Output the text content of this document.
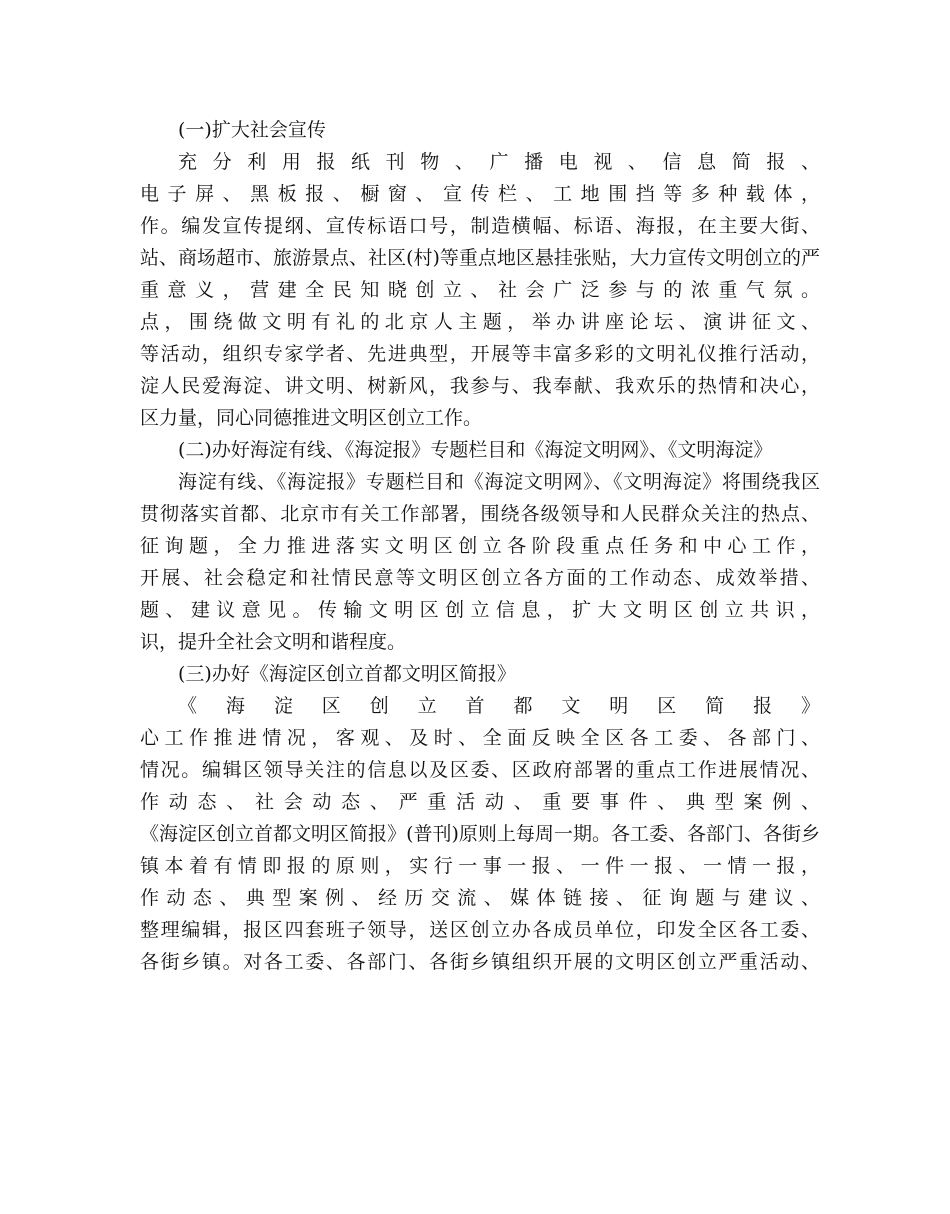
(一)扩大社会宣传
充分利用报纸刊物、广播电视、信息简报、
电子屏、黑板报、橱窗、宣传栏、工地围挡等多种载体，
作。编发宣传提纲、宣传标语口号，制造横幅、标语、海报，在主要大街、
站、商场超市、旅游景点、社区(村)等重点地区悬挂张贴，大力宣传文明创立的严
重意义，营建全民知晓创立、社会广泛参与的浓重气氛。
点，围绕做文明有礼的北京人主题，举办讲座论坛、演讲征文、
等活动，组织专家学者、先进典型，开展等丰富多彩的文明礼仪推行活动，
淀人民爱海淀、讲文明、树新风，我参与、我奉献、我欢乐的热情和决心，
区力量，同心同德推进文明区创立工作。
(二)办好海淀有线、《海淀报》专题栏目和《海淀文明网》、《文明海淀》
海淀有线、《海淀报》专题栏目和《海淀文明网》、《文明海淀》将围绕我区
贯彻落实首都、北京市有关工作部署，围绕各级领导和人民群众关注的热点、
征询题，全力推进落实文明区创立各阶段重点任务和中心工作，
开展、社会稳定和社情民意等文明区创立各方面的工作动态、成效举措、
题、建议意见。传输文明区创立信息，扩大文明区创立共识，
识，提升全社会文明和谐程度。
(三)办好《海淀区创立首都文明区简报》
《海淀区创立首都文明区简报》
心工作推进情况，客观、及时、全面反映全区各工委、各部门、
情况。编辑区领导关注的信息以及区委、区政府部署的重点工作进展情况、
作动态、社会动态、严重活动、重要事件、典型案例、
《海淀区创立首都文明区简报》(普刊)原则上每周一期。各工委、各部门、各街乡
镇本着有情即报的原则，实行一事一报、一件一报、一情一报，
作动态、典型案例、经历交流、媒体链接、征询题与建议、
整理编辑，报区四套班子领导，送区创立办各成员单位，印发全区各工委、
各街乡镇。对各工委、各部门、各街乡镇组织开展的文明区创立严重活动、
